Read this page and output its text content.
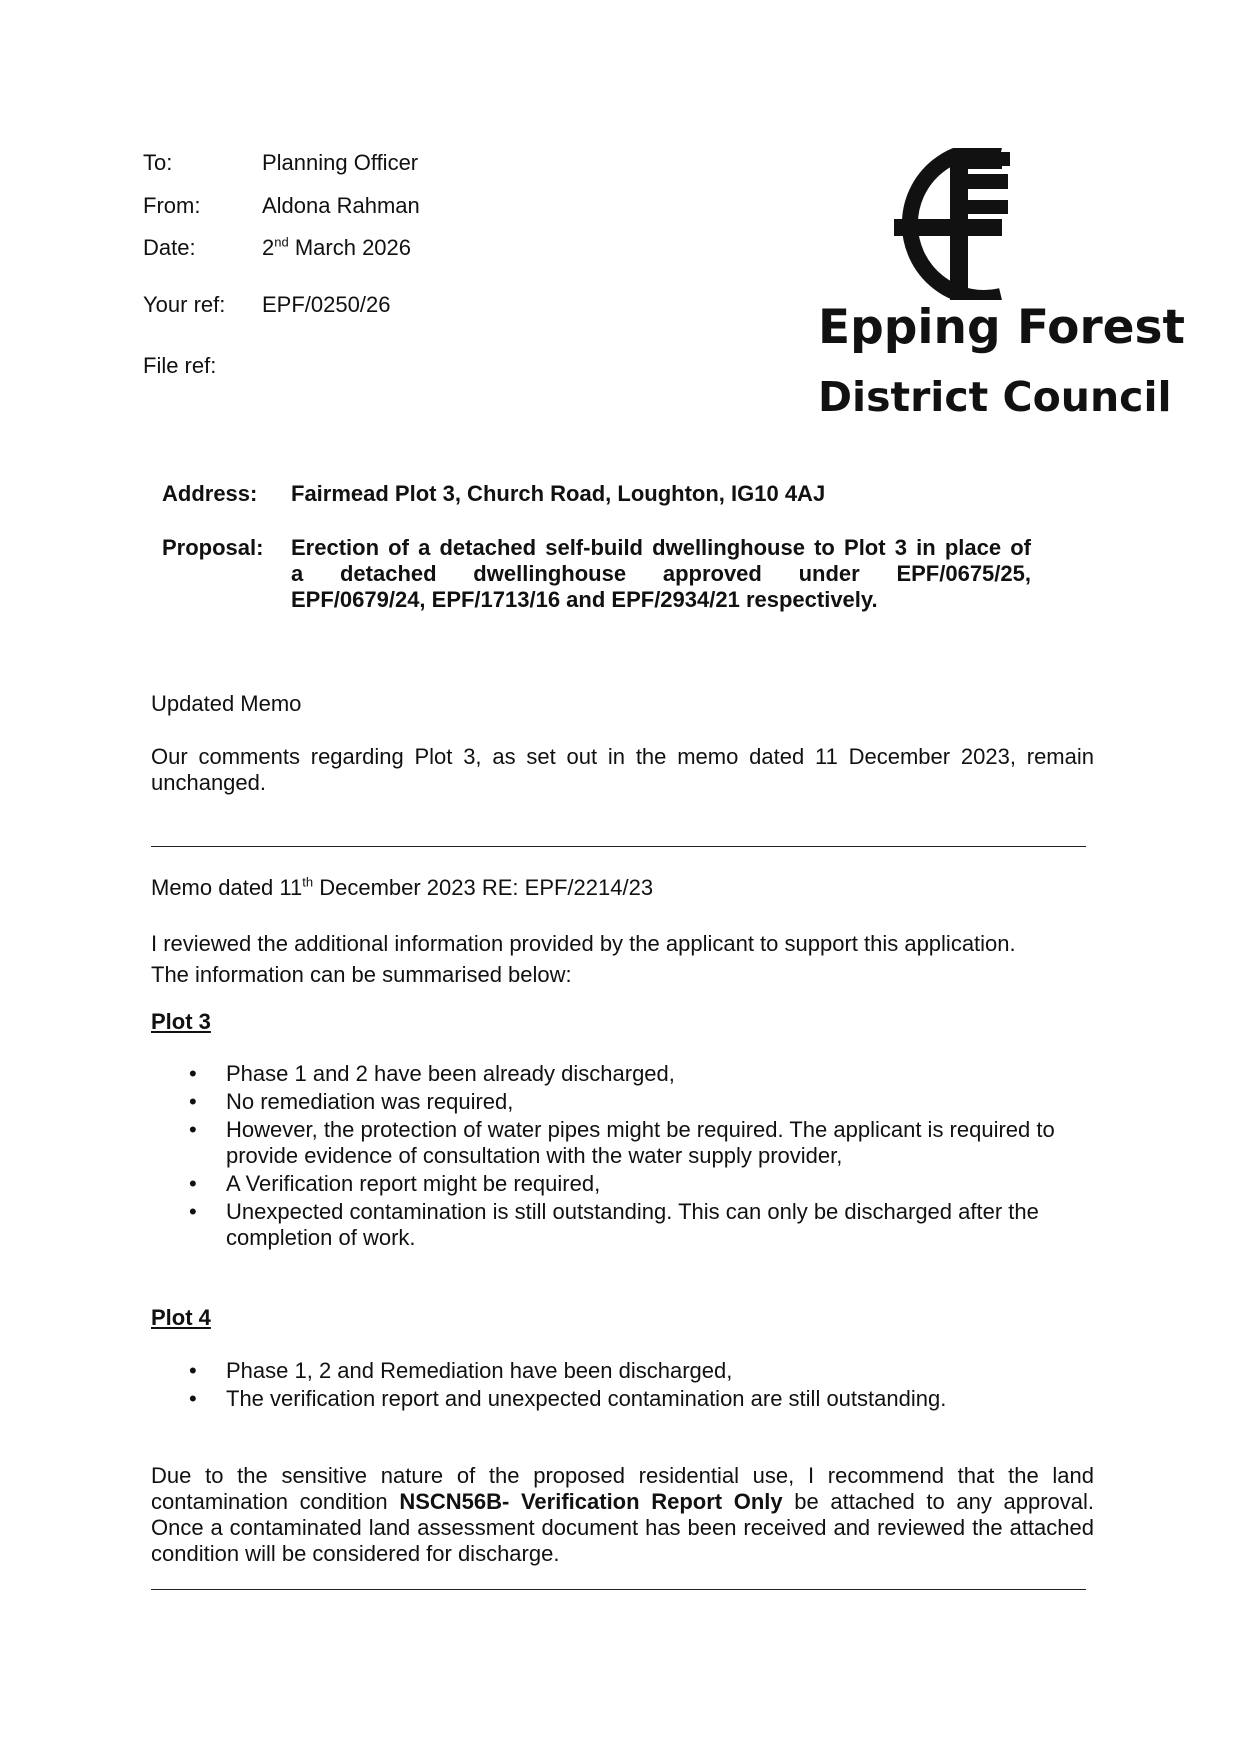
To:	Planning Officer
From:	Aldona Rahman
Date:	2nd March 2026
Your ref: EPF/0250/26
File ref:
Epping Forest
District Council
Address: Fairmead Plot 3, Church Road, Loughton, IG10 4AJ
Proposal: Erection of a detached self-build dwellinghouse to Plot 3 in place of
a detached dwellinghouse approved under EPF/0675/25,
EPF/0679/24, EPF/1713/16 and EPF/2934/21 respectively.
Updated Memo
Our comments regarding Plot 3, as set out in the memo dated 11 December 2023, remain unchanged.
Memo dated 11th December 2023 RE: EPF/2214/23
I reviewed the additional information provided by the applicant to support this application.
The information can be summarised below:
Plot 3
• Phase 1 and 2 have been already discharged,
• No remediation was required,
• However, the protection of water pipes might be required. The applicant is required to provide evidence of consultation with the water supply provider,
• A Verification report might be required,
• Unexpected contamination is still outstanding. This can only be discharged after the completion of work.
Plot 4
• Phase 1, 2 and Remediation have been discharged,
• The verification report and unexpected contamination are still outstanding.
Due to the sensitive nature of the proposed residential use, I recommend that the land contamination condition NSCN56B- Verification Report Only be attached to any approval. Once a contaminated land assessment document has been received and reviewed the attached condition will be considered for discharge.
